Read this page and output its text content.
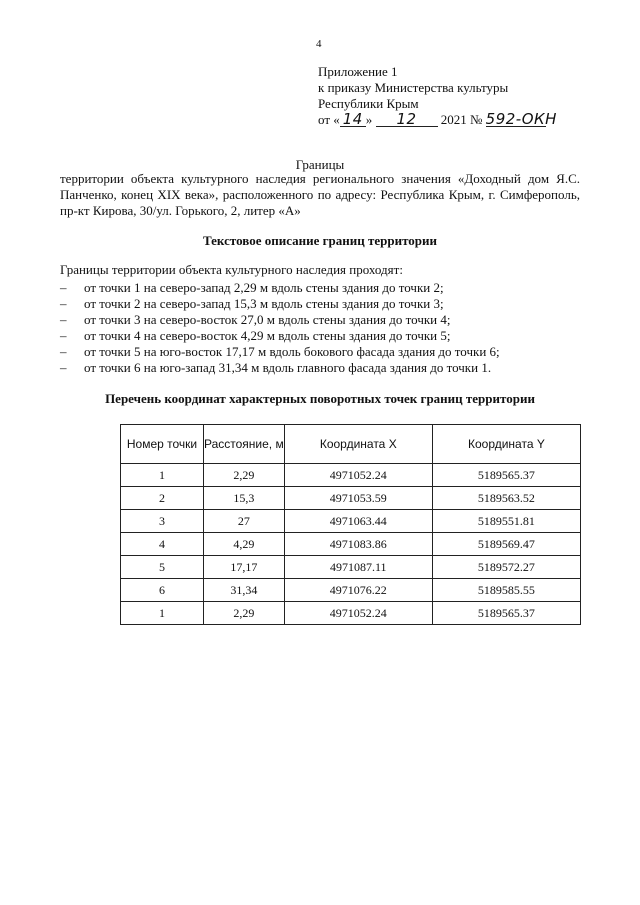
4
Приложение 1
к приказу Министерства культуры
Республики Крым
от « 14 » 12 2021 № 592-ОКН
Границы
территории объекта культурного наследия регионального значения «Доходный дом Я.С. Панченко, конец XIX века», расположенного по адресу: Республика Крым, г. Симферополь, пр-кт Кирова, 30/ул. Горького, 2, литер «А»
Текстовое описание границ территории
Границы территории объекта культурного наследия проходят:
– от точки 1 на северо-запад 2,29 м вдоль стены здания до точки 2;
– от точки 2 на северо-запад 15,3 м вдоль стены здания до точки 3;
– от точки 3 на северо-восток 27,0 м вдоль стены здания до точки 4;
– от точки 4 на северо-восток 4,29 м вдоль стены здания до точки 5;
– от точки 5 на юго-восток 17,17 м вдоль бокового фасада здания до точки 6;
– от точки 6 на юго-запад 31,34 м вдоль главного фасада здания до точки 1.
Перечень координат характерных поворотных точек границ территории
Номер точки	Расстояние, м	Координата X	Координата Y
1	2,29	4971052.24	5189565.37
2	15,3	4971053.59	5189563.52
3	27	4971063.44	5189551.81
4	4,29	4971083.86	5189569.47
5	17,17	4971087.11	5189572.27
6	31,34	4971076.22	5189585.55
1	2,29	4971052.24	5189565.37
